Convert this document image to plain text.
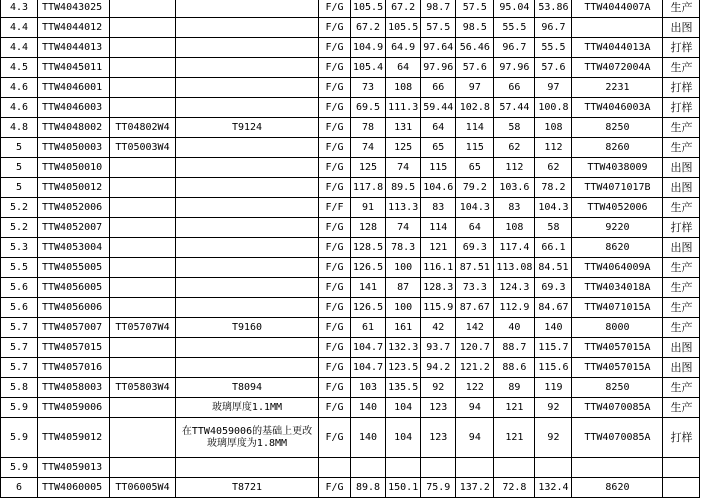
4.3	TTW4043025			F/G	105.5	67.2	98.7	57.5	95.04	53.86	TTW4044007A	生产
4.4	TTW4044012			F/G	67.2	105.5	57.5	98.5	55.5	96.7		出图
4.4	TTW4044013			F/G	104.9	64.9	97.64	56.46	96.7	55.5	TTW4044013A	打样
4.5	TTW4045011			F/G	105.4	64	97.96	57.6	97.96	57.6	TTW4072004A	生产
4.6	TTW4046001			F/G	73	108	66	97	66	97	2231	打样
4.6	TTW4046003			F/G	69.5	111.3	59.44	102.8	57.44	100.8	TTW4046003A	打样
4.8	TTW4048002	TT04802W4	T9124	F/G	78	131	64	114	58	108	8250	生产
5	TTW4050003	TT05003W4		F/G	74	125	65	115	62	112	8260	生产
5	TTW4050010			F/G	125	74	115	65	112	62	TTW4038009	出图
5	TTW4050012			F/G	117.8	89.5	104.6	79.2	103.6	78.2	TTW4071017B	出图
5.2	TTW4052006			F/F	91	113.3	83	104.3	83	104.3	TTW4052006	生产
5.2	TTW4052007			F/G	128	74	114	64	108	58	9220	打样
5.3	TTW4053004			F/G	128.5	78.3	121	69.3	117.4	66.1	8620	出图
5.5	TTW4055005			F/G	126.5	100	116.1	87.51	113.08	84.51	TTW4064009A	生产
5.6	TTW4056005			F/G	141	87	128.3	73.3	124.3	69.3	TTW4034018A	生产
5.6	TTW4056006			F/G	126.5	100	115.9	87.67	112.9	84.67	TTW4071015A	生产
5.7	TTW4057007	TT05707W4	T9160	F/G	61	161	42	142	40	140	8000	生产
5.7	TTW4057015			F/G	104.7	132.3	93.7	120.7	88.7	115.7	TTW4057015A	出图
5.7	TTW4057016			F/G	104.7	123.5	94.2	121.2	88.6	115.6	TTW4057015A	出图
5.8	TTW4058003	TT05803W4	T8094	F/G	103	135.5	92	122	89	119	8250	生产
5.9	TTW4059006		玻璃厚度1.1MM	F/G	140	104	123	94	121	92	TTW4070085A	生产
5.9	TTW4059012		在TTW4059006的基础上更改玻璃厚度为1.8MM	F/G	140	104	123	94	121	92	TTW4070085A	打样
5.9	TTW4059013											
6	TTW4060005	TT06005W4	T8721	F/G	89.8	150.1	75.9	137.2	72.8	132.4	8620	
